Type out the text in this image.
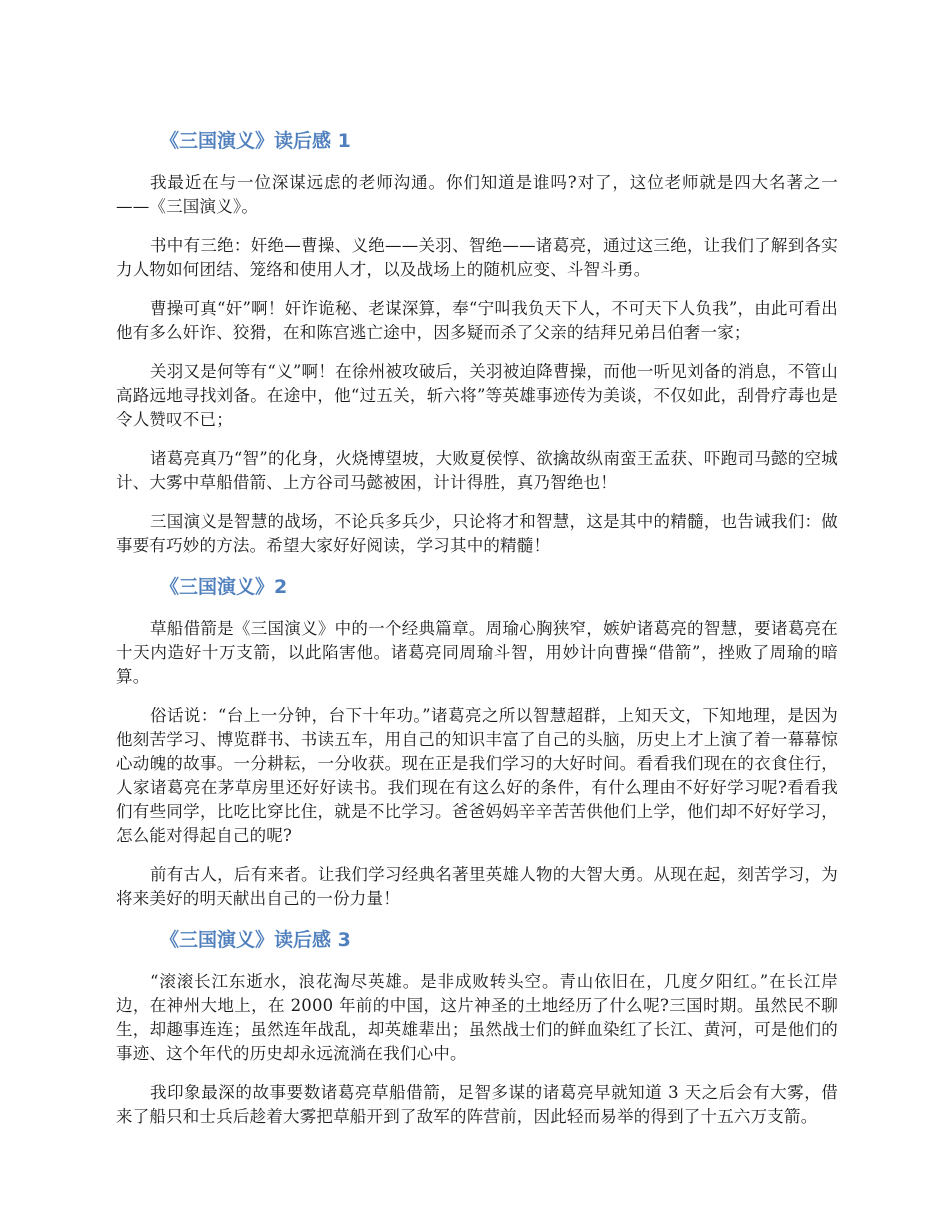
《三国演义》读后感 1

我最近在与一位深谋远虑的老师沟通。你们知道是谁吗?对了，这位老师就是四大名著之一——《三国演义》。

书中有三绝：奸绝—曹操、义绝——关羽、智绝——诸葛亮，通过这三绝，让我们了解到各实力人物如何团结、笼络和使用人才，以及战场上的随机应变、斗智斗勇。

曹操可真“奸”啊！奸诈诡秘、老谋深算，奉“宁叫我负天下人，不可天下人负我”，由此可看出他有多么奸诈、狡猾，在和陈宫逃亡途中，因多疑而杀了父亲的结拜兄弟吕伯奢一家；

关羽又是何等有“义”啊！在徐州被攻破后，关羽被迫降曹操，而他一听见刘备的消息，不管山高路远地寻找刘备。在途中，他“过五关，斩六将”等英雄事迹传为美谈，不仅如此，刮骨疗毒也是令人赞叹不已；

诸葛亮真乃“智”的化身，火烧博望坡，大败夏侯惇、欲擒故纵南蛮王孟获、吓跑司马懿的空城计、大雾中草船借箭、上方谷司马懿被困，计计得胜，真乃智绝也！

三国演义是智慧的战场，不论兵多兵少，只论将才和智慧，这是其中的精髓，也告诫我们：做事要有巧妙的方法。希望大家好好阅读，学习其中的精髓！

《三国演义》2

草船借箭是《三国演义》中的一个经典篇章。周瑜心胸狭窄，嫉妒诸葛亮的智慧，要诸葛亮在十天内造好十万支箭，以此陷害他。诸葛亮同周瑜斗智，用妙计向曹操“借箭”，挫败了周瑜的暗算。

俗话说：“台上一分钟，台下十年功。”诸葛亮之所以智慧超群，上知天文，下知地理，是因为他刻苦学习、博览群书、书读五车，用自己的知识丰富了自己的头脑，历史上才上演了着一幕幕惊心动魄的故事。一分耕耘，一分收获。现在正是我们学习的大好时间。看看我们现在的衣食住行，人家诸葛亮在茅草房里还好好读书。我们现在有这么好的条件，有什么理由不好好学习呢?看看我们有些同学，比吃比穿比住，就是不比学习。爸爸妈妈辛辛苦苦供他们上学，他们却不好好学习，怎么能对得起自己的呢?

前有古人，后有来者。让我们学习经典名著里英雄人物的大智大勇。从现在起，刻苦学习，为将来美好的明天献出自己的一份力量！

《三国演义》读后感 3

“滚滚长江东逝水，浪花淘尽英雄。是非成败转头空。青山依旧在，几度夕阳红。”在长江岸边，在神州大地上，在 2000 年前的中国，这片神圣的土地经历了什么呢?三国时期。虽然民不聊生，却趣事连连；虽然连年战乱，却英雄辈出；虽然战士们的鲜血染红了长江、黄河，可是他们的事迹、这个年代的历史却永远流淌在我们心中。

我印象最深的故事要数诸葛亮草船借箭，足智多谋的诸葛亮早就知道 3 天之后会有大雾，借来了船只和士兵后趁着大雾把草船开到了敌军的阵营前，因此轻而易举的得到了十五六万支箭。
